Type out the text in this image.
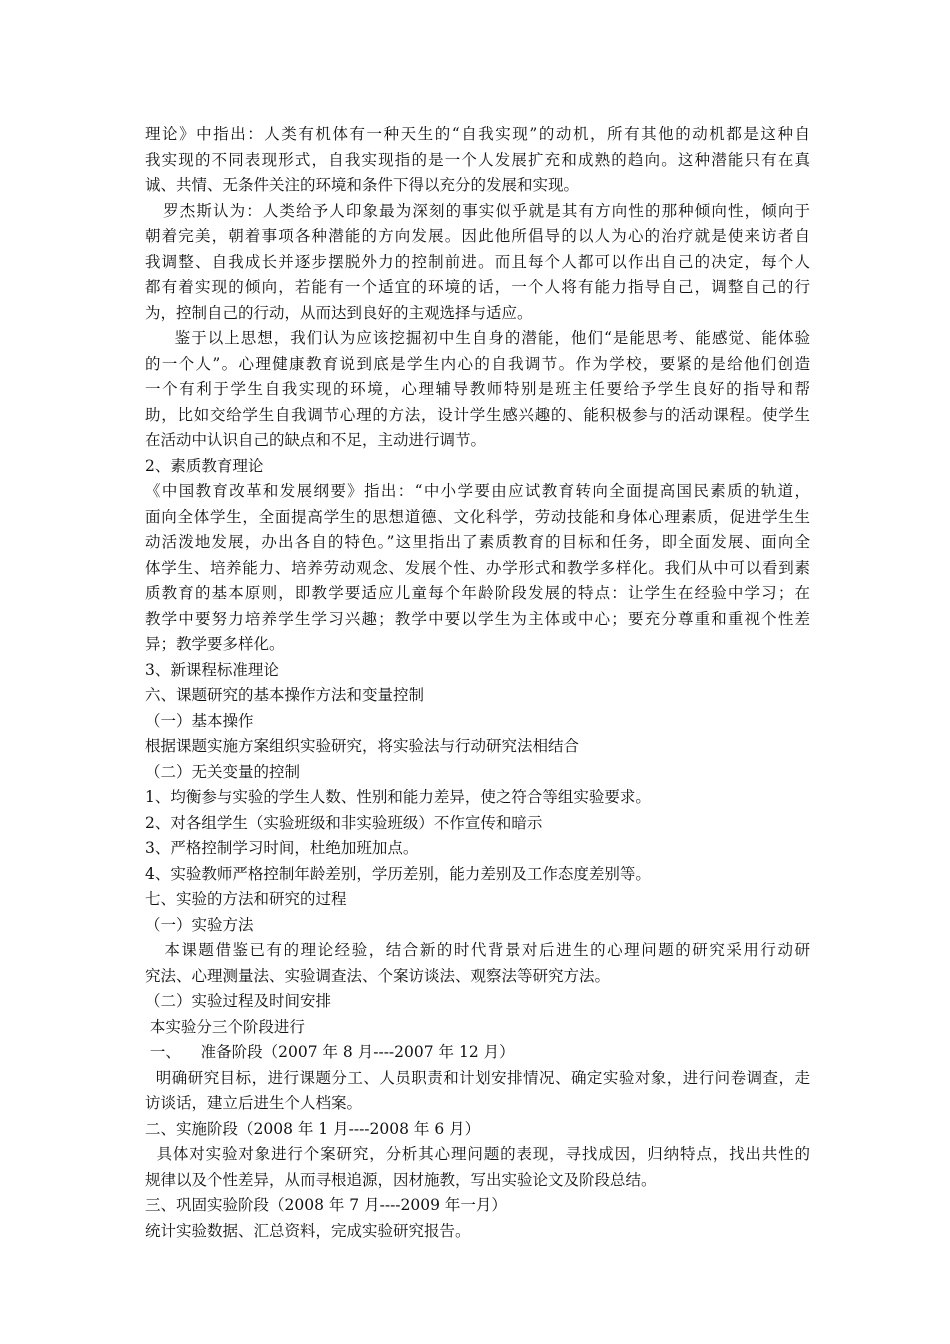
理论》中指出：人类有机体有一种天生的“自我实现”的动机，所有其他的动机都是这种自
我实现的不同表现形式，自我实现指的是一个人发展扩充和成熟的趋向。这种潜能只有在真
诚、共情、无条件关注的环境和条件下得以充分的发展和实现。
罗杰斯认为：人类给予人印象最为深刻的事实似乎就是其有方向性的那种倾向性，倾向于
朝着完美，朝着事项各种潜能的方向发展。因此他所倡导的以人为心的治疗就是使来访者自
我调整、自我成长并逐步摆脱外力的控制前进。而且每个人都可以作出自己的决定，每个人
都有着实现的倾向，若能有一个适宜的环境的话，一个人将有能力指导自己，调整自己的行
为，控制自己的行动，从而达到良好的主观选择与适应。
鉴于以上思想，我们认为应该挖掘初中生自身的潜能，他们“是能思考、能感觉、能体验
的一个人”。心理健康教育说到底是学生内心的自我调节。作为学校，要紧的是给他们创造
一个有利于学生自我实现的环境，心理辅导教师特别是班主任要给予学生良好的指导和帮
助，比如交给学生自我调节心理的方法，设计学生感兴趣的、能积极参与的活动课程。使学生
在活动中认识自己的缺点和不足，主动进行调节。
2、素质教育理论
《中国教育改革和发展纲要》指出：“中小学要由应试教育转向全面提高国民素质的轨道，
面向全体学生，全面提高学生的思想道德、文化科学，劳动技能和身体心理素质，促进学生生
动活泼地发展，办出各自的特色。”这里指出了素质教育的目标和任务，即全面发展、面向全
体学生、培养能力、培养劳动观念、发展个性、办学形式和教学多样化。我们从中可以看到素
质教育的基本原则，即教学要适应儿童每个年龄阶段发展的特点：让学生在经验中学习；在
教学中要努力培养学生学习兴趣；教学中要以学生为主体或中心；要充分尊重和重视个性差
异；教学要多样化。
3、新课程标准理论
六、课题研究的基本操作方法和变量控制
（一）基本操作
根据课题实施方案组织实验研究，将实验法与行动研究法相结合
（二）无关变量的控制
1、均衡参与实验的学生人数、性别和能力差异，使之符合等组实验要求。
2、对各组学生（实验班级和非实验班级）不作宣传和暗示
3、严格控制学习时间，杜绝加班加点。
4、实验教师严格控制年龄差别，学历差别，能力差别及工作态度差别等。
七、实验的方法和研究的过程
（一）实验方法
本课题借鉴已有的理论经验，结合新的时代背景对后进生的心理问题的研究采用行动研
究法、心理测量法、实验调查法、个案访谈法、观察法等研究方法。
（二）实验过程及时间安排
本实验分三个阶段进行
一、    准备阶段（2007 年 8 月----2007 年 12 月）
明确研究目标，进行课题分工、人员职责和计划安排情况、确定实验对象，进行问卷调查，走
访谈话，建立后进生个人档案。
二、实施阶段（2008 年 1 月----2008 年 6 月）
具体对实验对象进行个案研究，分析其心理问题的表现，寻找成因，归纳特点，找出共性的
规律以及个性差异，从而寻根追源，因材施教，写出实验论文及阶段总结。
三、巩固实验阶段（2008 年 7 月----2009 年一月）
统计实验数据、汇总资料，完成实验研究报告。
